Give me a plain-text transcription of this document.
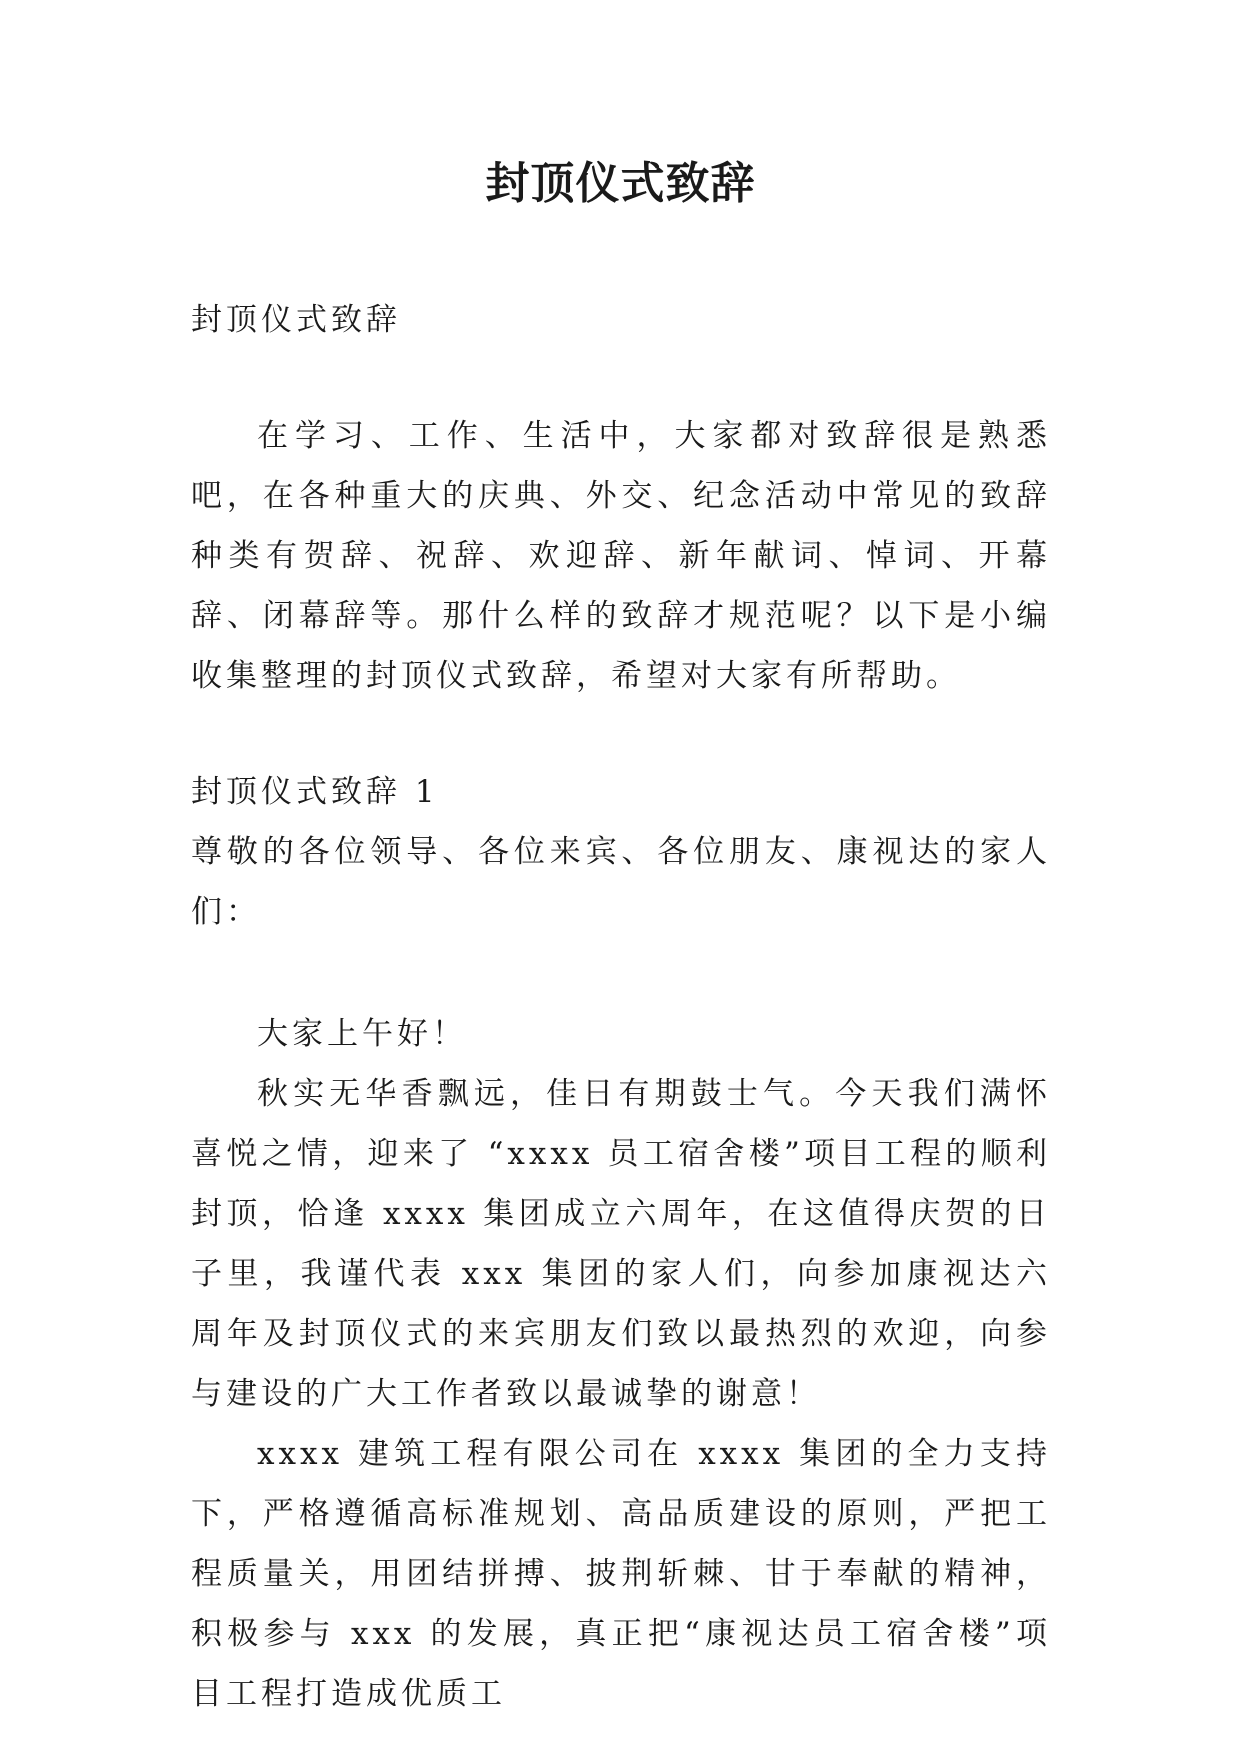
封顶仪式致辞

封顶仪式致辞

在学习、工作、生活中，大家都对致辞很是熟悉吧，在各种重大的庆典、外交、纪念活动中常见的致辞种类有贺辞、祝辞、欢迎辞、新年献词、悼词、开幕辞、闭幕辞等。那什么样的致辞才规范呢？以下是小编收集整理的封顶仪式致辞，希望对大家有所帮助。

封顶仪式致辞 1

尊敬的各位领导、各位来宾、各位朋友、康视达的家人们：

大家上午好！

秋实无华香飘远，佳日有期鼓士气。今天我们满怀喜悦之情，迎来了 “xxxx 员工宿舍楼”项目工程的顺利封顶，恰逢 xxxx 集团成立六周年，在这值得庆贺的日子里，我谨代表 xxx 集团的家人们，向参加康视达六周年及封顶仪式的来宾朋友们致以最热烈的欢迎，向参与建设的广大工作者致以最诚挚的谢意！

xxxx 建筑工程有限公司在 xxxx 集团的全力支持下，严格遵循高标准规划、高品质建设的原则，严把工程质量关，用团结拼搏、披荆斩棘、甘于奉献的精神，积极参与 xxx 的发展，真正把“康视达员工宿舍楼”项目工程打造成优质工
